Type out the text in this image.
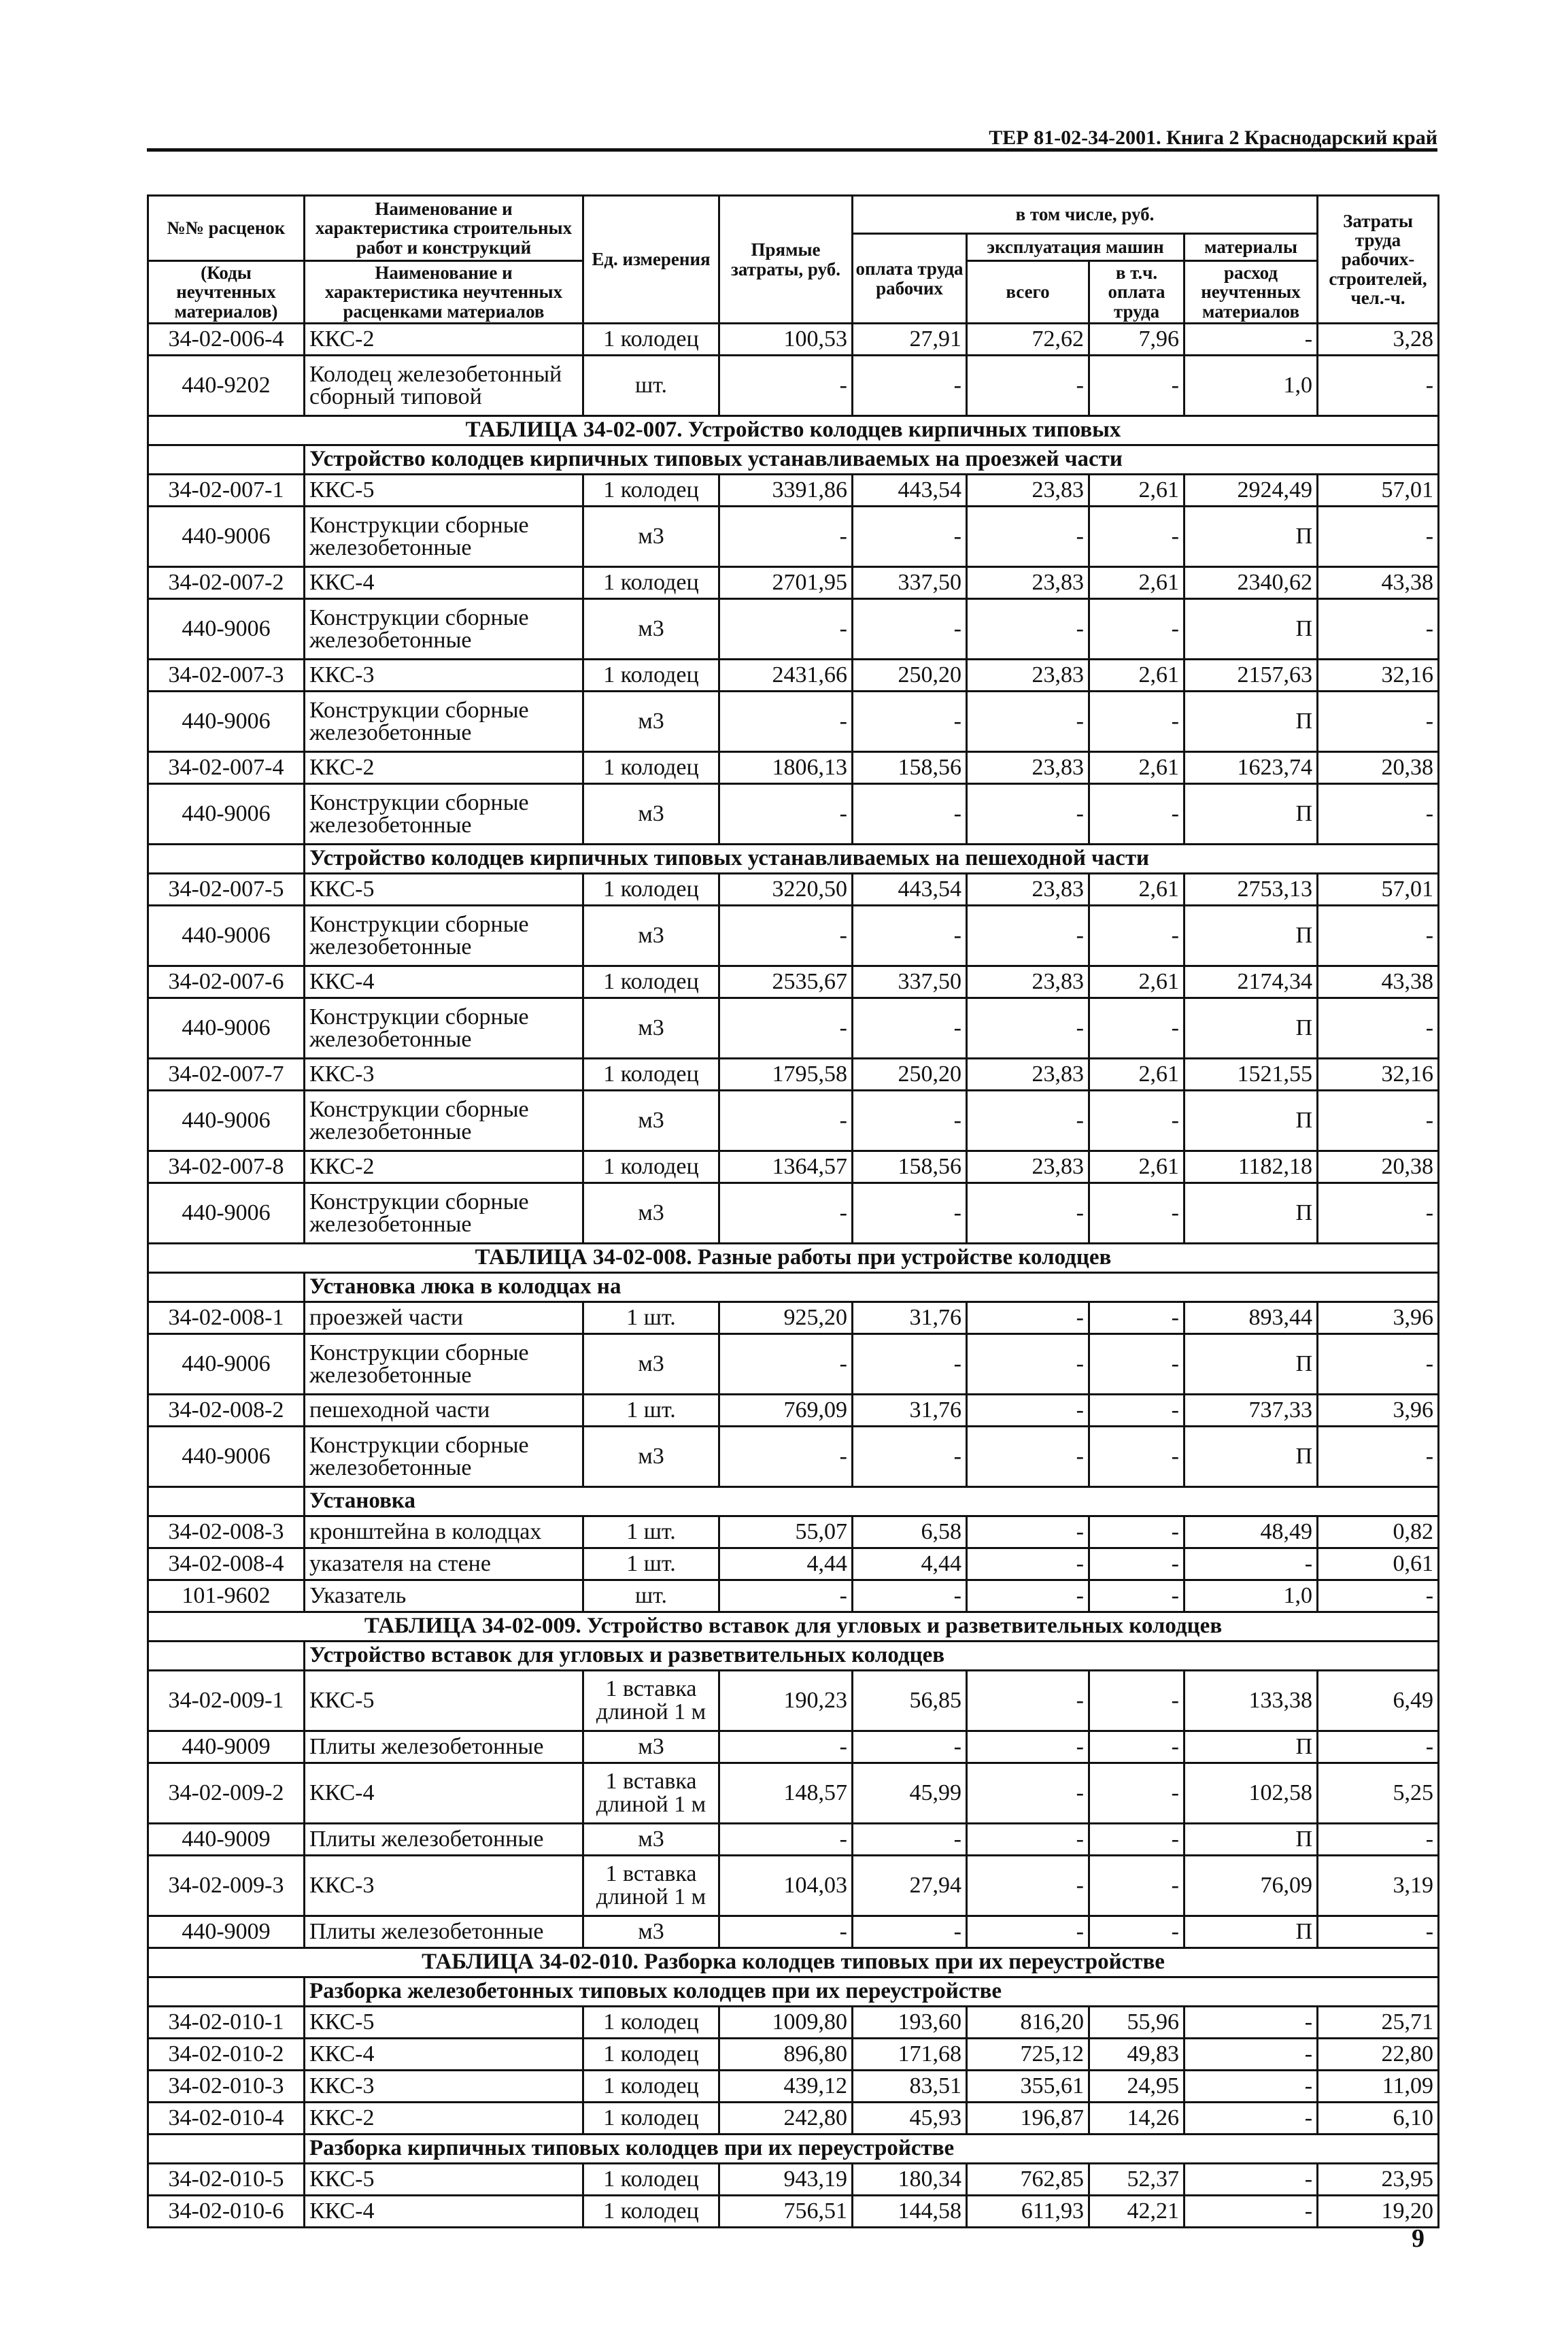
ТЕР 81-02-34-2001. Книга 2 Краснодарский край
№№ расценок	Наименование и характеристика строительных работ и конструкций	Ед. измерения	Прямые затраты, руб.	в том числе, руб.				Затраты труда рабочих-строителей, чел.-ч.
				оплата труда рабочих	эксплуатация машин		материалы	
(Коды неучтенных материалов)	Наименование и характеристика неучтенных расценками материалов				всего	в т.ч. оплата труда	расход неучтенных материалов	

34-02-006-4	ККС-2	1 колодец	100,53	27,91	72,62	7,96	-	3,28
440-9202	Колодец железобетонный сборный типовой	шт.	-	-	-	-	1,0	-
ТАБЛИЦА 34-02-007. Устройство колодцев кирпичных типовых								
	Устройство колодцев кирпичных типовых устанавливаемых на проезжей части							
34-02-007-1	ККС-5	1 колодец	3391,86	443,54	23,83	2,61	2924,49	57,01
440-9006	Конструкции сборные железобетонные	м3	-	-	-	-	П	-
34-02-007-2	ККС-4	1 колодец	2701,95	337,50	23,83	2,61	2340,62	43,38
440-9006	Конструкции сборные железобетонные	м3	-	-	-	-	П	-
34-02-007-3	ККС-3	1 колодец	2431,66	250,20	23,83	2,61	2157,63	32,16
440-9006	Конструкции сборные железобетонные	м3	-	-	-	-	П	-
34-02-007-4	ККС-2	1 колодец	1806,13	158,56	23,83	2,61	1623,74	20,38
440-9006	Конструкции сборные железобетонные	м3	-	-	-	-	П	-
	Устройство колодцев кирпичных типовых устанавливаемых на пешеходной части							
34-02-007-5	ККС-5	1 колодец	3220,50	443,54	23,83	2,61	2753,13	57,01
440-9006	Конструкции сборные железобетонные	м3	-	-	-	-	П	-
34-02-007-6	ККС-4	1 колодец	2535,67	337,50	23,83	2,61	2174,34	43,38
440-9006	Конструкции сборные железобетонные	м3	-	-	-	-	П	-
34-02-007-7	ККС-3	1 колодец	1795,58	250,20	23,83	2,61	1521,55	32,16
440-9006	Конструкции сборные железобетонные	м3	-	-	-	-	П	-
34-02-007-8	ККС-2	1 колодец	1364,57	158,56	23,83	2,61	1182,18	20,38
440-9006	Конструкции сборные железобетонные	м3	-	-	-	-	П	-
ТАБЛИЦА 34-02-008. Разные работы при устройстве колодцев								
	Установка люка в колодцах на							
34-02-008-1	проезжей части	1 шт.	925,20	31,76	-	-	893,44	3,96
440-9006	Конструкции сборные железобетонные	м3	-	-	-	-	П	-
34-02-008-2	пешеходной части	1 шт.	769,09	31,76	-	-	737,33	3,96
440-9006	Конструкции сборные железобетонные	м3	-	-	-	-	П	-
	Установка							
34-02-008-3	кронштейна в колодцах	1 шт.	55,07	6,58	-	-	48,49	0,82
34-02-008-4	указателя на стене	1 шт.	4,44	4,44	-	-	-	0,61
101-9602	Указатель	шт.	-	-	-	-	1,0	-
ТАБЛИЦА 34-02-009. Устройство вставок для угловых и разветвительных колодцев								
	Устройство вставок для угловых и разветвительных колодцев							
34-02-009-1	ККС-5	1 вставка длиной 1 м	190,23	56,85	-	-	133,38	6,49
440-9009	Плиты железобетонные	м3	-	-	-	-	П	-
34-02-009-2	ККС-4	1 вставка длиной 1 м	148,57	45,99	-	-	102,58	5,25
440-9009	Плиты железобетонные	м3	-	-	-	-	П	-
34-02-009-3	ККС-3	1 вставка длиной 1 м	104,03	27,94	-	-	76,09	3,19
440-9009	Плиты железобетонные	м3	-	-	-	-	П	-
ТАБЛИЦА 34-02-010. Разборка колодцев типовых при их переустройстве								
	Разборка железобетонных типовых колодцев при их переустройстве							
34-02-010-1	ККС-5	1 колодец	1009,80	193,60	816,20	55,96	-	25,71
34-02-010-2	ККС-4	1 колодец	896,80	171,68	725,12	49,83	-	22,80
34-02-010-3	ККС-3	1 колодец	439,12	83,51	355,61	24,95	-	11,09
34-02-010-4	ККС-2	1 колодец	242,80	45,93	196,87	14,26	-	6,10
	Разборка кирпичных типовых колодцев при их переустройстве							
34-02-010-5	ККС-5	1 колодец	943,19	180,34	762,85	52,37	-	23,95
34-02-010-6	ККС-4	1 колодец	756,51	144,58	611,93	42,21	-	19,20
9
